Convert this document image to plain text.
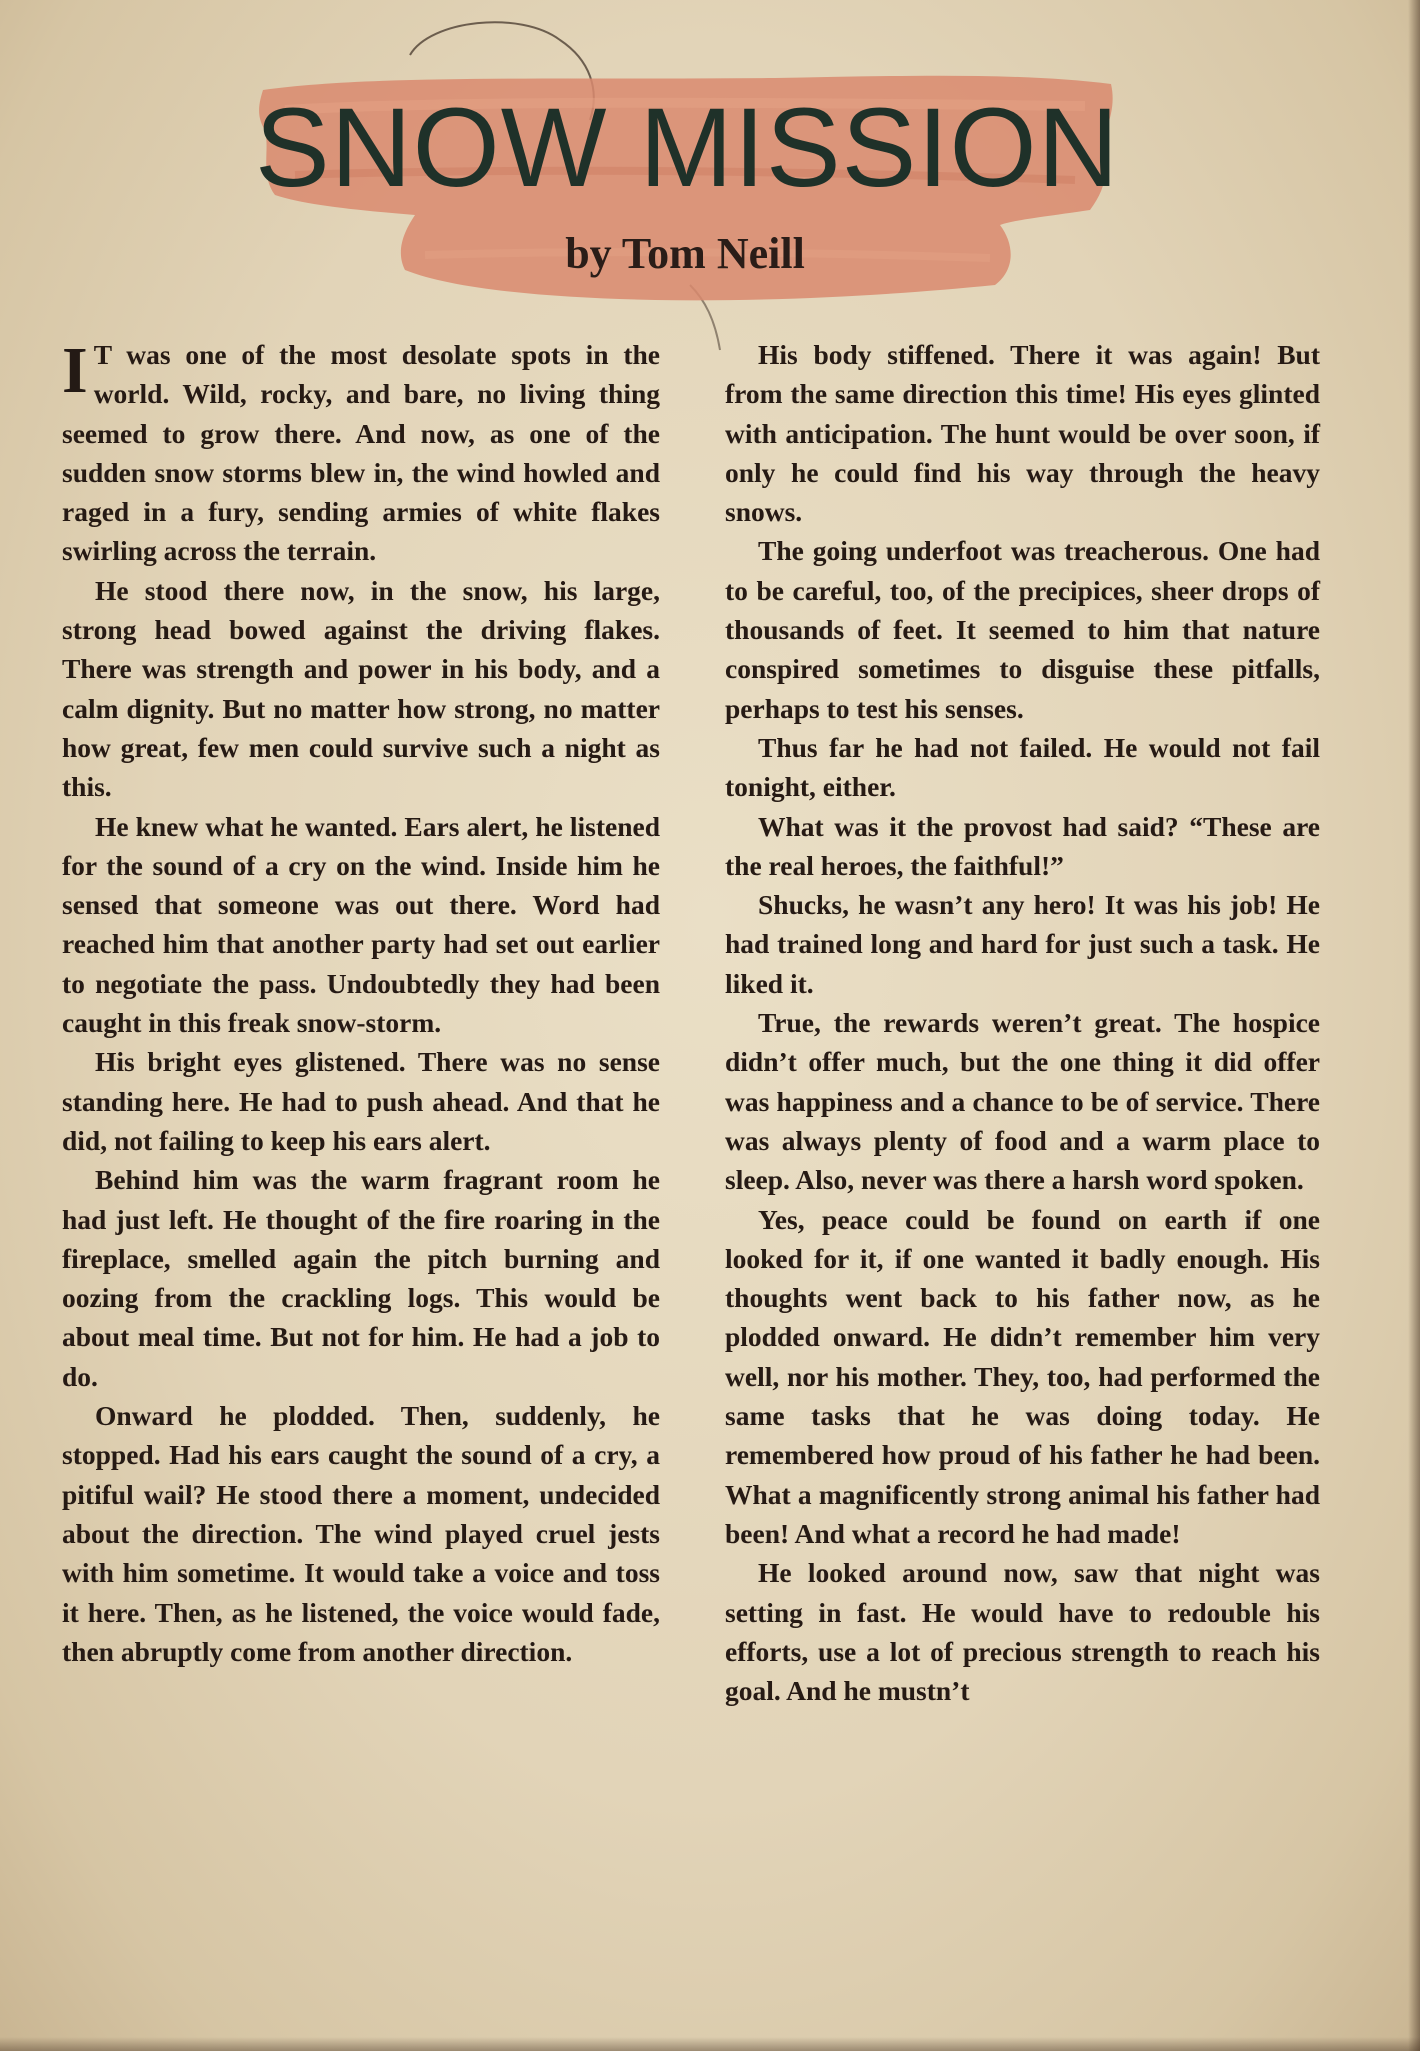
SNOW MISSION
by Tom Neill

I T was one of the most desolate spots in the world. Wild, rocky, and bare, no living thing seemed to grow there. And now, as one of the sudden snow storms blew in, the wind howled and raged in a fury, sending armies of white flakes swirling across the terrain.

He stood there now, in the snow, his large, strong head bowed against the driving flakes. There was strength and power in his body, and a calm dignity. But no matter how strong, no matter how great, few men could survive such a night as this.

He knew what he wanted. Ears alert, he listened for the sound of a cry on the wind. Inside him he sensed that someone was out there. Word had reached him that another party had set out earlier to negotiate the pass. Undoubtedly they had been caught in this freak snow-storm.

His bright eyes glistened. There was no sense standing here. He had to push ahead. And that he did, not failing to keep his ears alert.

Behind him was the warm fragrant room he had just left. He thought of the fire roaring in the fireplace, smelled again the pitch burning and oozing from the crackling logs. This would be about meal time. But not for him. He had a job to do.

Onward he plodded. Then, suddenly, he stopped. Had his ears caught the sound of a cry, a pitiful wail? He stood there a moment, undecided about the direction. The wind played cruel jests with him sometime. It would take a voice and toss it here. Then, as he listened, the voice would fade, then abruptly come from another direction.

His body stiffened. There it was again! But from the same direction this time! His eyes glinted with anticipation. The hunt would be over soon, if only he could find his way through the heavy snows.

The going underfoot was treacherous. One had to be careful, too, of the precipices, sheer drops of thousands of feet. It seemed to him that nature conspired sometimes to disguise these pitfalls, perhaps to test his senses.

Thus far he had not failed. He would not fail tonight, either.

What was it the provost had said? “These are the real heroes, the faithful!”

Shucks, he wasn’t any hero! It was his job! He had trained long and hard for just such a task. He liked it.

True, the rewards weren’t great. The hospice didn’t offer much, but the one thing it did offer was happiness and a chance to be of service. There was always plenty of food and a warm place to sleep. Also, never was there a harsh word spoken.

Yes, peace could be found on earth if one looked for it, if one wanted it badly enough. His thoughts went back to his father now, as he plodded onward. He didn’t remember him very well, nor his mother. They, too, had performed the same tasks that he was doing today. He remembered how proud of his father he had been. What a magnificently strong animal his father had been! And what a record he had made!

He looked around now, saw that night was setting in fast. He would have to redouble his efforts, use a lot of precious strength to reach his goal. And he mustn’t
